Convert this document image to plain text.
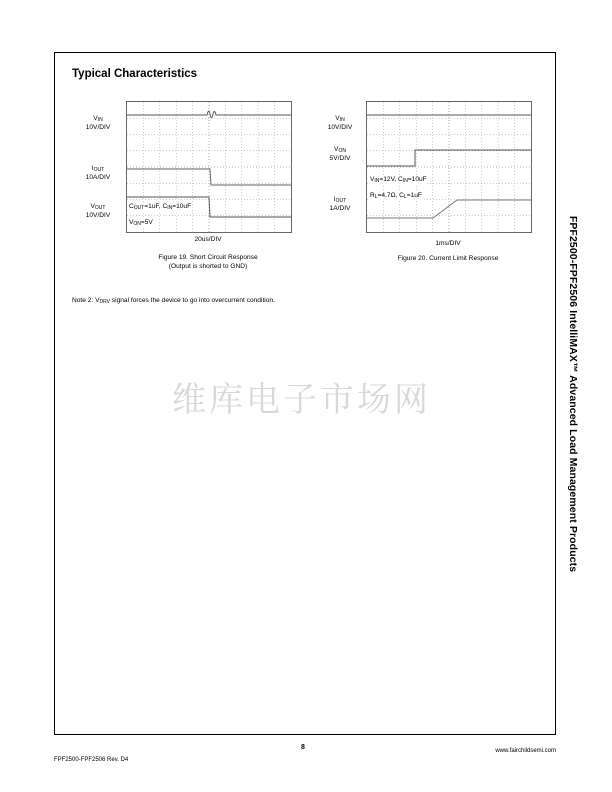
FPF2500-FPF2506 IntelliMAX™ Advanced Load Management Products
Typical Characteristics
$V_{IN}$
10V/DIV
$I_{OUT}$
10A/DIV
$V_{OUT}$
10V/DIV
$C_{OUT}=1uF$, $C_{IN}=10uF$
$V_{ON}=5V$
20us/DIV
Figure 19. Short Circuit Response
(Output is shorted to GND)
$V_{IN}$
10V/DIV
$V_{ON}$
5V/DIV
$I_{OUT}$
1A/DIV
$V_{IN}=12V$, $C_{IN}=10uF$
$R_L=4.7\Omega$, $C_L=1uF$
1ms/DIV
Figure 20. Current Limit Response
Note 2: $V_{DRV}$ signal forces the device to go into overcurrent condition.
维库电子市场网
8
FPF2500-FPF2506 Rev. D4
www.fairchildsemi.com
